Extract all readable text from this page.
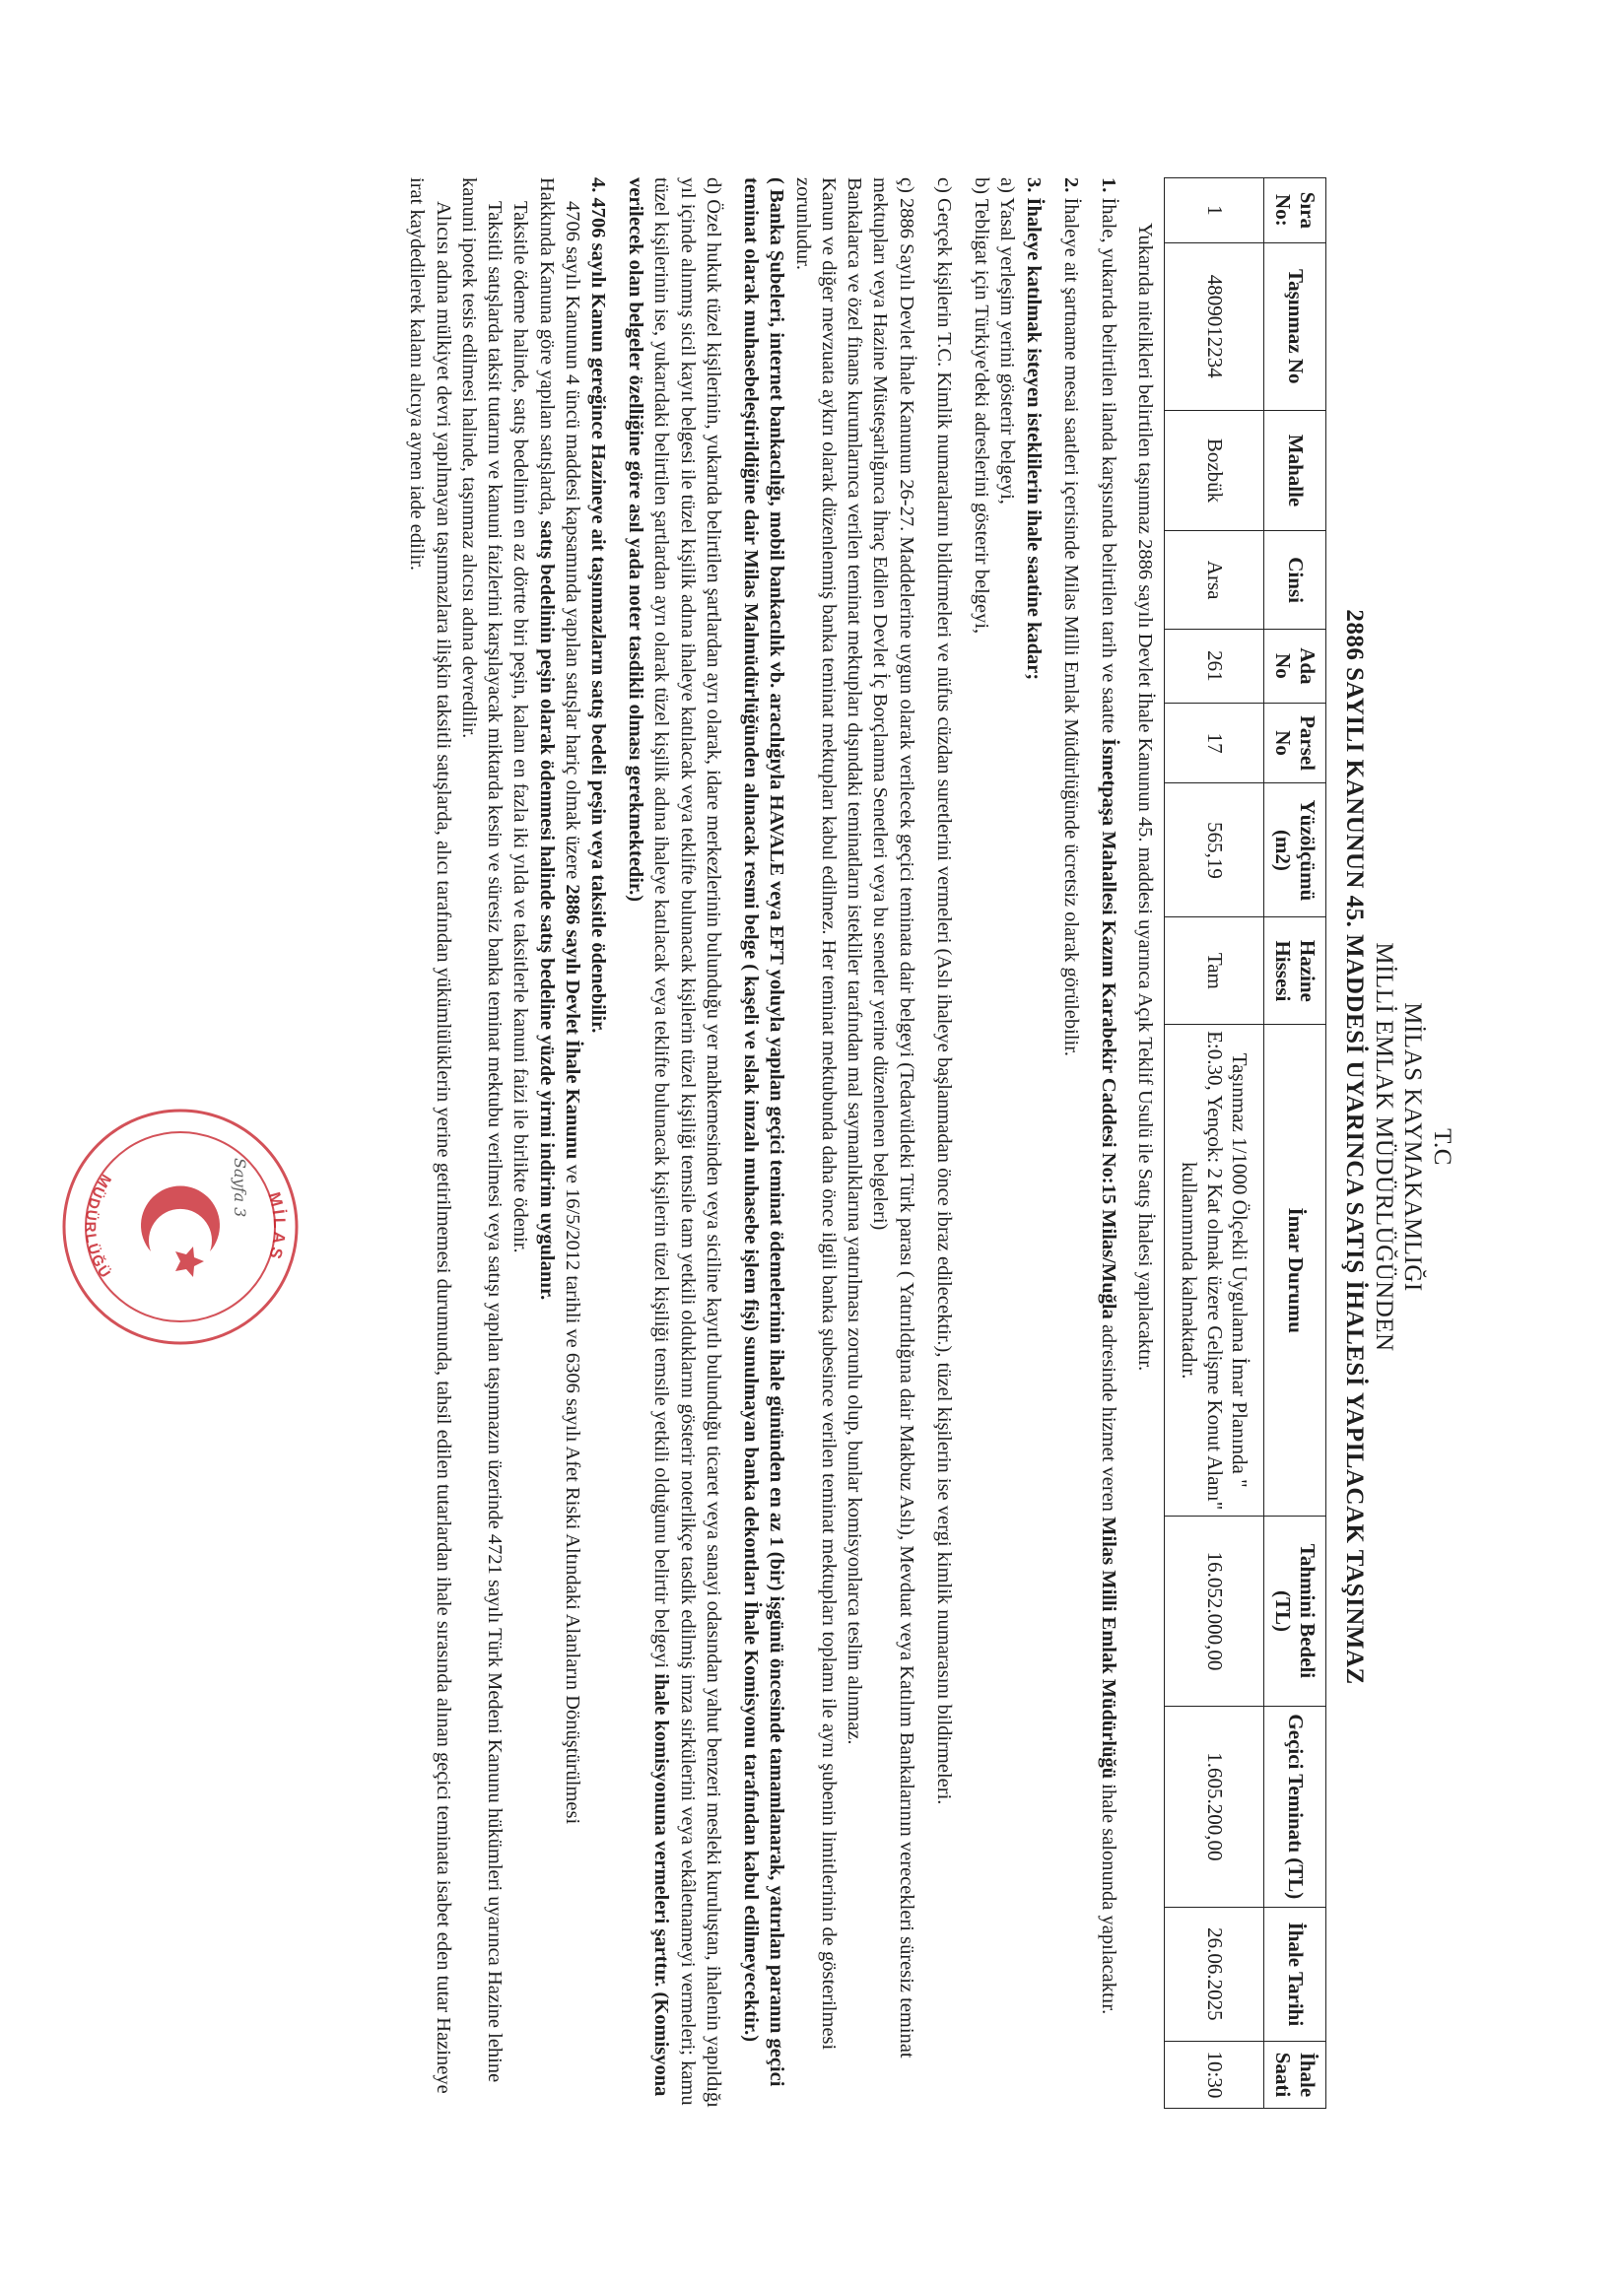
T.C
MİLAS KAYMAKAMLIĞI
MİLLİ EMLAK MÜDÜRLÜĞÜNDEN
2886 SAYILI KANUNUN 45. MADDESİ UYARINCA SATIŞ İHALESİ YAPILACAK TAŞINMAZ
Sıra No:	Taşınmaz No	Mahalle	Cinsi	Ada No	Parsel No	Yüzölçümü (m2)	Hazine Hissesi	İmar Durumu	Tahmini Bedeli (TL)	Geçici Teminatı (TL)	İhale Tarihi	İhale Saati
1	4809012234	Bozbük	Arsa	261	17	565,19	Tam	Taşınmaz 1/1000 Ölçekli Uygulama İmar Planında " E:0.30, Yençok: 2 Kat olmak üzere Gelişme Konut Alanı" kullanımında kalmaktadır.	16.052.000,00	1.605.200,00	26.06.2025	10:30

Yukarıda nitelikleri belirtilen taşınmaz 2886 sayılı Devlet İhale Kanunun 45. maddesi uyarınca Açık Teklif Usulü ile Satış İhalesi yapılacaktır.

1. İhale, yukarıda belirtilen ilanda karşısında belirtilen tarih ve saatte İsmetpaşa Mahallesi Kazım Karabekir Caddesi No:15 Milas/Muğla adresinde hizmet veren Milas Milli Emlak Müdürlüğü ihale salonunda yapılacaktır.

2. İhaleye ait şartname mesai saatleri içerisinde Milas Milli Emlak Müdürlüğünde ücretsiz olarak görülebilir.

3. İhaleye katılmak isteyen isteklilerin ihale saatine kadar;

a) Yasal yerleşim yerini gösterir belgeyi,

b) Tebligat için Türkiye'deki adreslerini gösterir belgeyi,

c) Gerçek kişilerin T.C. Kimlik numaralarını bildirmeleri ve nüfus cüzdan suretlerini vermeleri (Aslı ihaleye başlanmadan önce ibraz edilecektir.), tüzel kişilerin ise vergi kimlik numarasını bildirmeleri.

ç) 2886 Sayılı Devlet İhale Kanunun 26-27. Maddelerine uygun olarak verilecek geçici teminata dair belgeyi (Tedavüldeki Türk parası ( Yatırıldığına dair Makbuz Aslı), Mevduat veya Katılım Bankalarının verecekleri süresiz teminat mektupları veya Hazine Müsteşarlığınca İhraç Edilen Devlet İç Borçlanma Senetleri veya bu senetler yerine düzenlenen belgeleri)

Bankalarca ve özel finans kurumlarınca verilen teminat mektupları dışındaki teminatların istekliler tarafından mal saymanlıklarına yatırılması zorunlu olup, bunlar komisyonlarca teslim alınmaz.

Kanun ve diğer mevzuata aykırı olarak düzenlenmiş banka teminat mektupları kabul edilmez. Her teminat mektubunda daha önce ilgili banka şubesince verilen teminat mektupları toplamı ile aynı şubenin limitlerinin de gösterilmesi zorunludur.

( Banka Şubeleri, internet bankacılığı, mobil bankacılık vb. aracılığıyla HAVALE veya EFT yoluyla yapılan geçici teminat ödemelerinin ihale gününden en az 1 (bir) işgünü öncesinde tamamlanarak, yatırılan paranın geçici teminat olarak muhasebeleştirildiğine dair Milas Malmüdürlüğünden alınacak resmi belge ( kaşeli ve ıslak imzalı muhasebe işlem fişi) sunulmayan banka dekontları İhale Komisyonu tarafından kabul edilmeyecektir.)

d) Özel hukuk tüzel kişilerinin, yukarıda belirtilen şartlardan ayrı olarak, idare merkezlerinin bulunduğu yer mahkemesinden veya siciline kayıtlı bulunduğu ticaret veya sanayi odasından yahut benzeri mesleki kuruluştan, ihalenin yapıldığı yıl içinde alınmış sicil kayıt belgesi ile tüzel kişilik adına ihaleye katılacak veya teklifte bulunacak kişilerin tüzel kişiliği temsile tam yetkili olduklarını gösterir noterlikçe tasdik edilmiş imza sirkülerini veya vekâletnameyi vermeleri; kamu tüzel kişilerinin ise, yukarıdaki belirtilen şartlardan ayrı olarak tüzel kişilik adına ihaleye katılacak veya teklifte bulunacak kişilerin tüzel kişiliği temsile yetkili olduğunu belirtir belgeyi ihale komisyonuna vermeleri şarttır. (Komisyona verilecek olan belgeler özelliğine göre asıl yada noter tasdikli olması gerekmektedir.)

4. 4706 sayılı Kanun gereğince Hazineye ait taşınmazların satış bedeli peşin veya taksitle ödenebilir.

4706 sayılı Kanunun 4 üncü maddesi kapsamında yapılan satışlar hariç olmak üzere 2886 sayılı Devlet İhale Kanunu ve 16/5/2012 tarihli ve 6306 sayılı Afet Riski Altındaki Alanların Dönüştürülmesi

Hakkında Kanuna göre yapılan satışlarda, satış bedelinin peşin olarak ödenmesi halinde satış bedeline yüzde yirmi indirim uygulanır.

Taksitle ödeme halinde, satış bedelinin en az dörtte biri peşin, kalanı en fazla iki yılda ve taksitlerle kanuni faizi ile birlikte ödenir.

Taksitli satışlarda taksit tutarını ve kanuni faizlerini karşılayacak miktarda kesin ve süresiz banka teminat mektubu verilmesi veya satışı yapılan taşınmazın üzerinde 4721 sayılı Türk Medeni Kanunu hükümleri uyarınca Hazine lehine kanuni ipotek tesis edilmesi halinde, taşınmaz alıcısı adına devredilir.

Alıcısı adına mülkiyet devri yapılmayan taşınmazlara ilişkin taksitli satışlarda, alıcı tarafından yükümlülüklerin yerine getirilmemesi durumunda, tahsil edilen tutarlardan ihale sırasında alınan geçici teminata isabet eden tutar Hazineye irat kaydedilerek kalanı alıcıya aynen iade edilir.

MİLAS
MÜDÜRLÜĞÜ
Sayfa 3
